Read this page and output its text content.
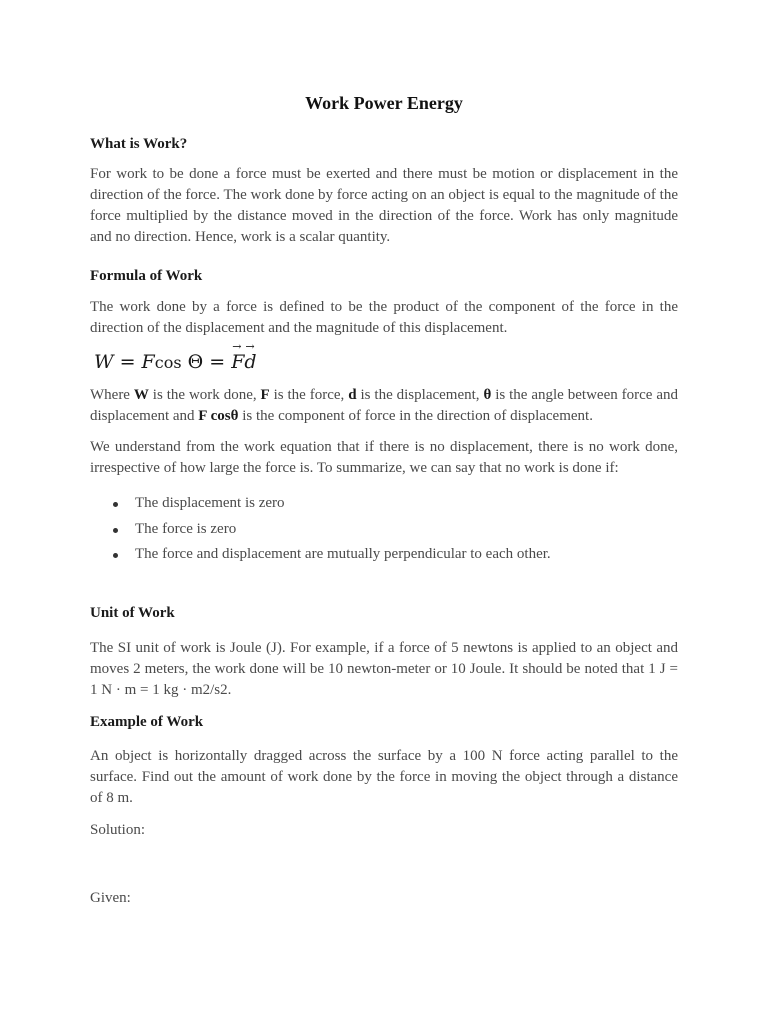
Work Power Energy
What is Work?
For work to be done a force must be exerted and there must be motion or displacement in the direction of the force. The work done by force acting on an object is equal to the magnitude of the force multiplied by the distance moved in the direction of the force. Work has only magnitude and no direction. Hence, work is a scalar quantity.
Formula of Work
The work done by a force is defined to be the product of the component of the force in the direction of the displacement and the magnitude of this displacement.
W = Fcos Θ = → F→ d
Where W is the work done, F is the force, d is the displacement, θ is the angle between force and displacement and F cosθ is the component of force in the direction of displacement.
We understand from the work equation that if there is no displacement, there is no work done, irrespective of how large the force is. To summarize, we can say that no work is done if:
The displacement is zero
The force is zero
The force and displacement are mutually perpendicular to each other.
Unit of Work
The SI unit of work is Joule (J). For example, if a force of 5 newtons is applied to an object and moves 2 meters, the work done will be 10 newton-meter or 10 Joule. It should be noted that 1 J = 1 N · m = 1 kg · m2/s2.
Example of Work
An object is horizontally dragged across the surface by a 100 N force acting parallel to the surface. Find out the amount of work done by the force in moving the object through a distance of 8 m.
Solution:
Given:
